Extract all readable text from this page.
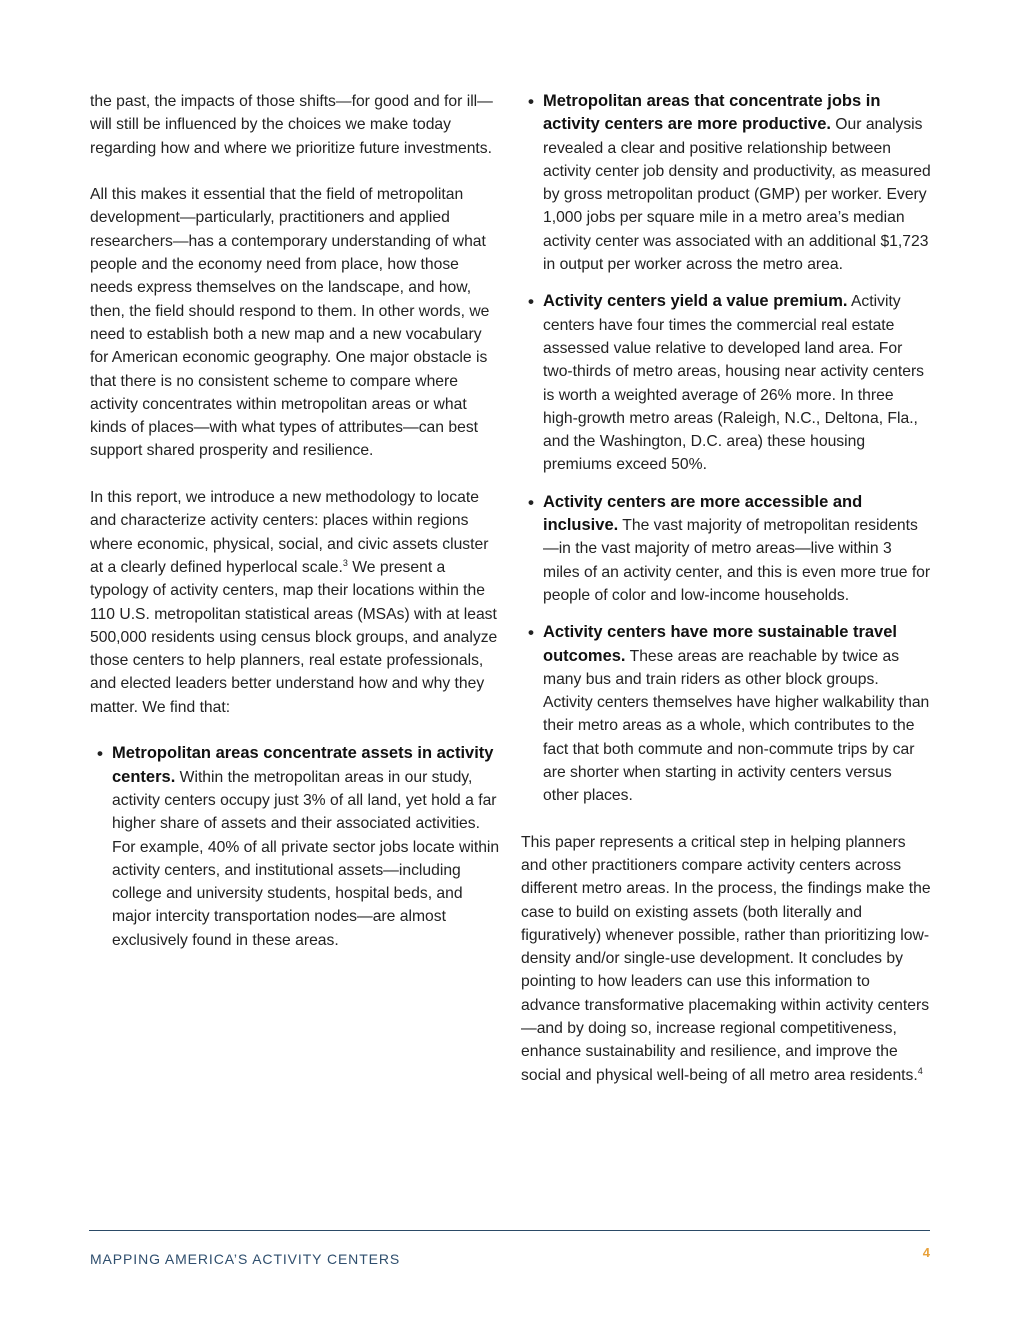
the past, the impacts of those shifts—for good and for ill—will still be influenced by the choices we make today regarding how and where we prioritize future investments.

All this makes it essential that the field of metropolitan development—particularly, practitioners and applied researchers—has a contemporary understanding of what people and the economy need from place, how those needs express themselves on the landscape, and how, then, the field should respond to them. In other words, we need to establish both a new map and a new vocabulary for American economic geography. One major obstacle is that there is no consistent scheme to compare where activity concentrates within metropolitan areas or what kinds of places—with what types of attributes—can best support shared prosperity and resilience.

In this report, we introduce a new methodology to locate and characterize activity centers: places within regions where economic, physical, social, and civic assets cluster at a clearly defined hyperlocal scale.$^3$ We present a typology of activity centers, map their locations within the 110 U.S. metropolitan statistical areas (MSAs) with at least 500,000 residents using census block groups, and analyze those centers to help planners, real estate professionals, and elected leaders better understand how and why they matter. We find that:

• Metropolitan areas concentrate assets in activity centers. Within the metropolitan areas in our study, activity centers occupy just 3% of all land, yet hold a far higher share of assets and their associated activities. For example, 40% of all private sector jobs locate within activity centers, and institutional assets—including college and university students, hospital beds, and major intercity transportation nodes—are almost exclusively found in these areas.
• Metropolitan areas that concentrate jobs in activity centers are more productive. Our analysis revealed a clear and positive relationship between activity center job density and productivity, as measured by gross metropolitan product (GMP) per worker. Every 1,000 jobs per square mile in a metro area’s median activity center was associated with an additional $1,723 in output per worker across the metro area.
• Activity centers yield a value premium. Activity centers have four times the commercial real estate assessed value relative to developed land area. For two-thirds of metro areas, housing near activity centers is worth a weighted average of 26% more. In three high-growth metro areas (Raleigh, N.C., Deltona, Fla., and the Washington, D.C. area) these housing premiums exceed 50%.
• Activity centers are more accessible and inclusive. The vast majority of metropolitan residents—in the vast majority of metro areas—live within 3 miles of an activity center, and this is even more true for people of color and low-income households.
• Activity centers have more sustainable travel outcomes. These areas are reachable by twice as many bus and train riders as other block groups. Activity centers themselves have higher walkability than their metro areas as a whole, which contributes to the fact that both commute and non-commute trips by car are shorter when starting in activity centers versus other places.

This paper represents a critical step in helping planners and other practitioners compare activity centers across different metro areas. In the process, the findings make the case to build on existing assets (both literally and figuratively) whenever possible, rather than prioritizing low-density and/or single-use development. It concludes by pointing to how leaders can use this information to advance transformative placemaking within activity centers—and by doing so, increase regional competitiveness, enhance sustainability and resilience, and improve the social and physical well-being of all metro area residents.$^4$

MAPPING AMERICA’S ACTIVITY CENTERS	4
